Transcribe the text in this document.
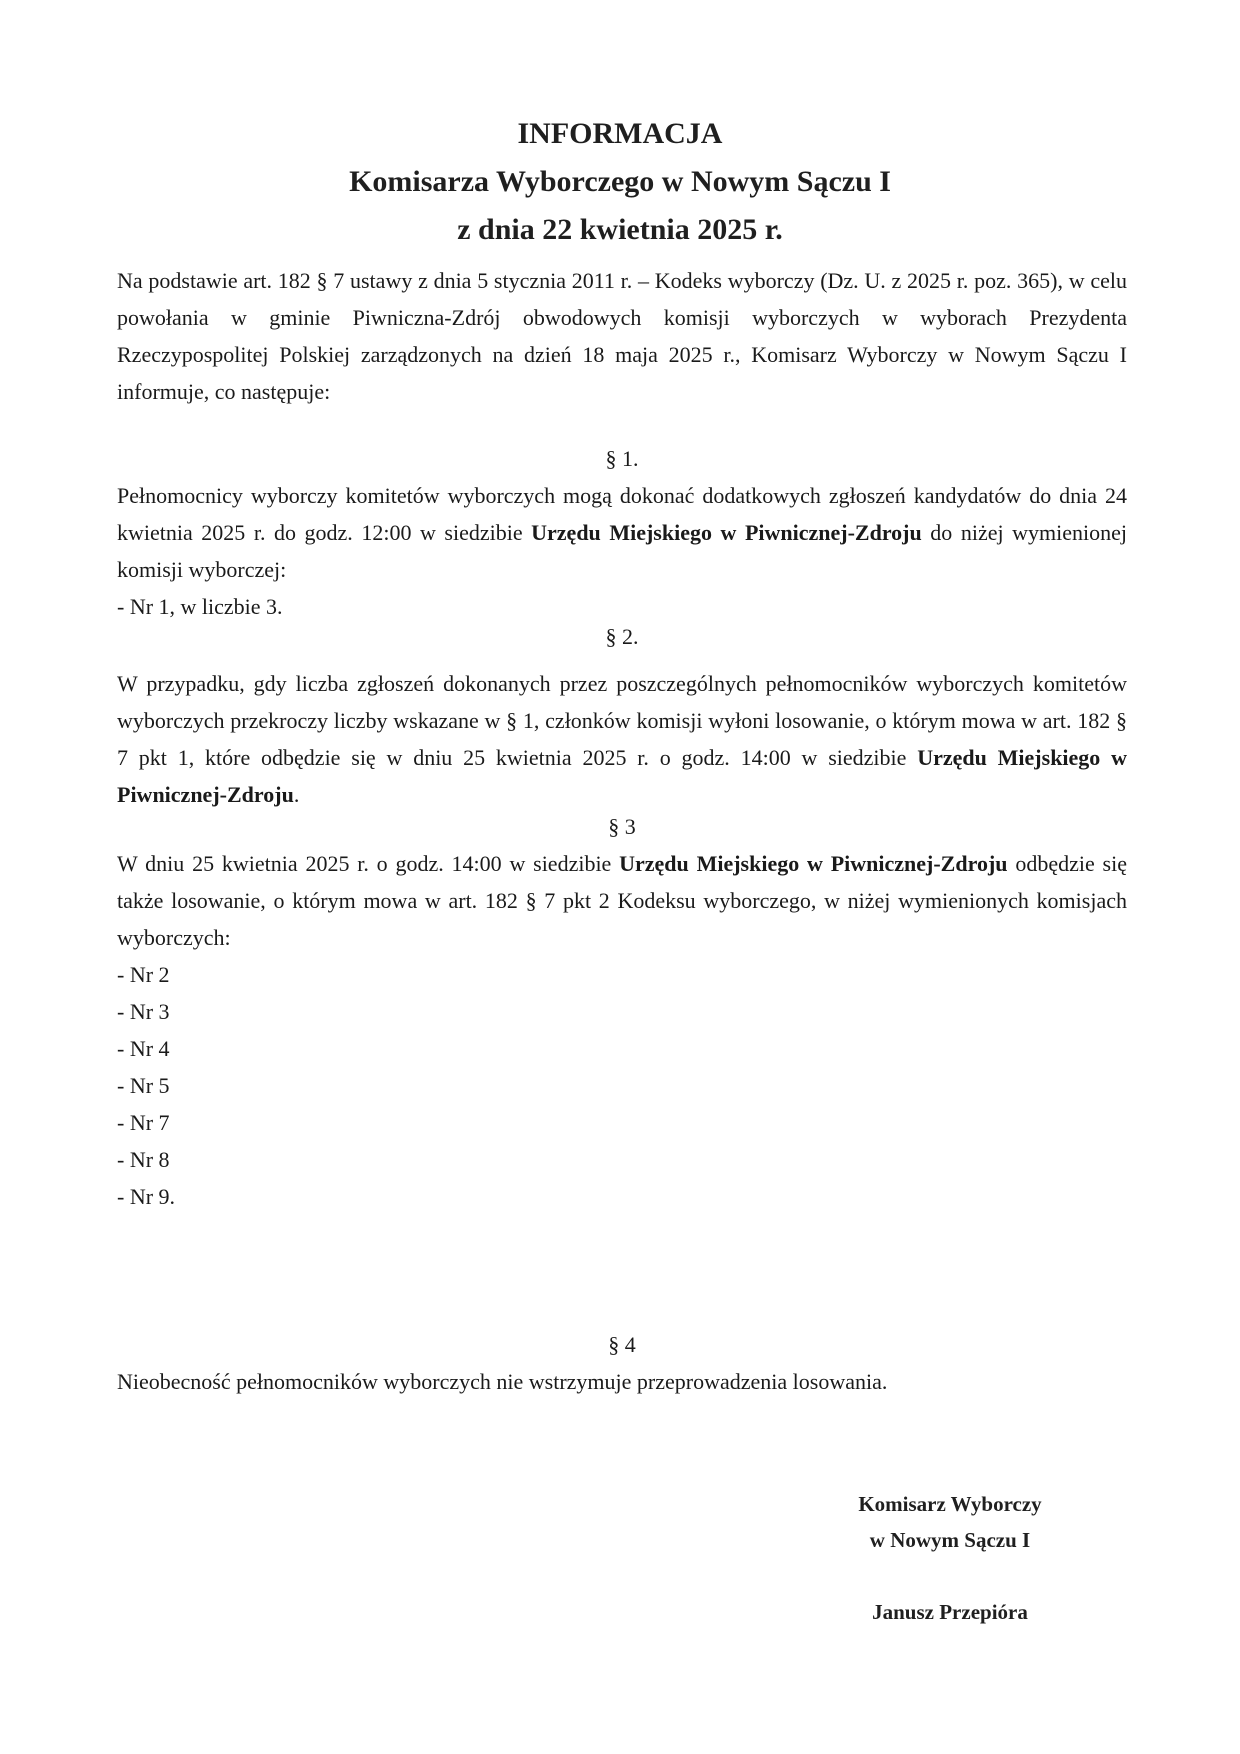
INFORMACJA
Komisarza Wyborczego w Nowym Sączu I
z dnia 22 kwietnia 2025 r.

Na podstawie art. 182 § 7 ustawy z dnia 5 stycznia 2011 r. – Kodeks wyborczy (Dz. U. z 2025 r. poz. 365), w celu powołania w gminie Piwniczna-Zdrój obwodowych komisji wyborczych w wyborach Prezydenta Rzeczypospolitej Polskiej zarządzonych na dzień 18 maja 2025 r., Komisarz Wyborczy w Nowym Sączu I informuje, co następuje:

§ 1.

Pełnomocnicy wyborczy komitetów wyborczych mogą dokonać dodatkowych zgłoszeń kandydatów do dnia 24 kwietnia 2025 r. do godz. 12:00 w siedzibie Urzędu Miejskiego w Piwnicznej-Zdroju do niżej wymienionej komisji wyborczej:

- Nr 1, w liczbie 3.

§ 2.

W przypadku, gdy liczba zgłoszeń dokonanych przez poszczególnych pełnomocników wyborczych komitetów wyborczych przekroczy liczby wskazane w § 1, członków komisji wyłoni losowanie, o którym mowa w art. 182 § 7 pkt 1, które odbędzie się w dniu 25 kwietnia 2025 r. o godz. 14:00 w siedzibie Urzędu Miejskiego w Piwnicznej-Zdroju.

§ 3

W dniu 25 kwietnia 2025 r. o godz. 14:00 w siedzibie Urzędu Miejskiego w Piwnicznej-Zdroju odbędzie się także losowanie, o którym mowa w art. 182 § 7 pkt 2 Kodeksu wyborczego, w niżej wymienionych komisjach wyborczych:

- Nr 2

- Nr 3

- Nr 4

- Nr 5

- Nr 7

- Nr 8

- Nr 9.

§ 4

Nieobecność pełnomocników wyborczych nie wstrzymuje przeprowadzenia losowania.

Komisarz Wyborczy
w Nowym Sączu I
Janusz Przepióra
